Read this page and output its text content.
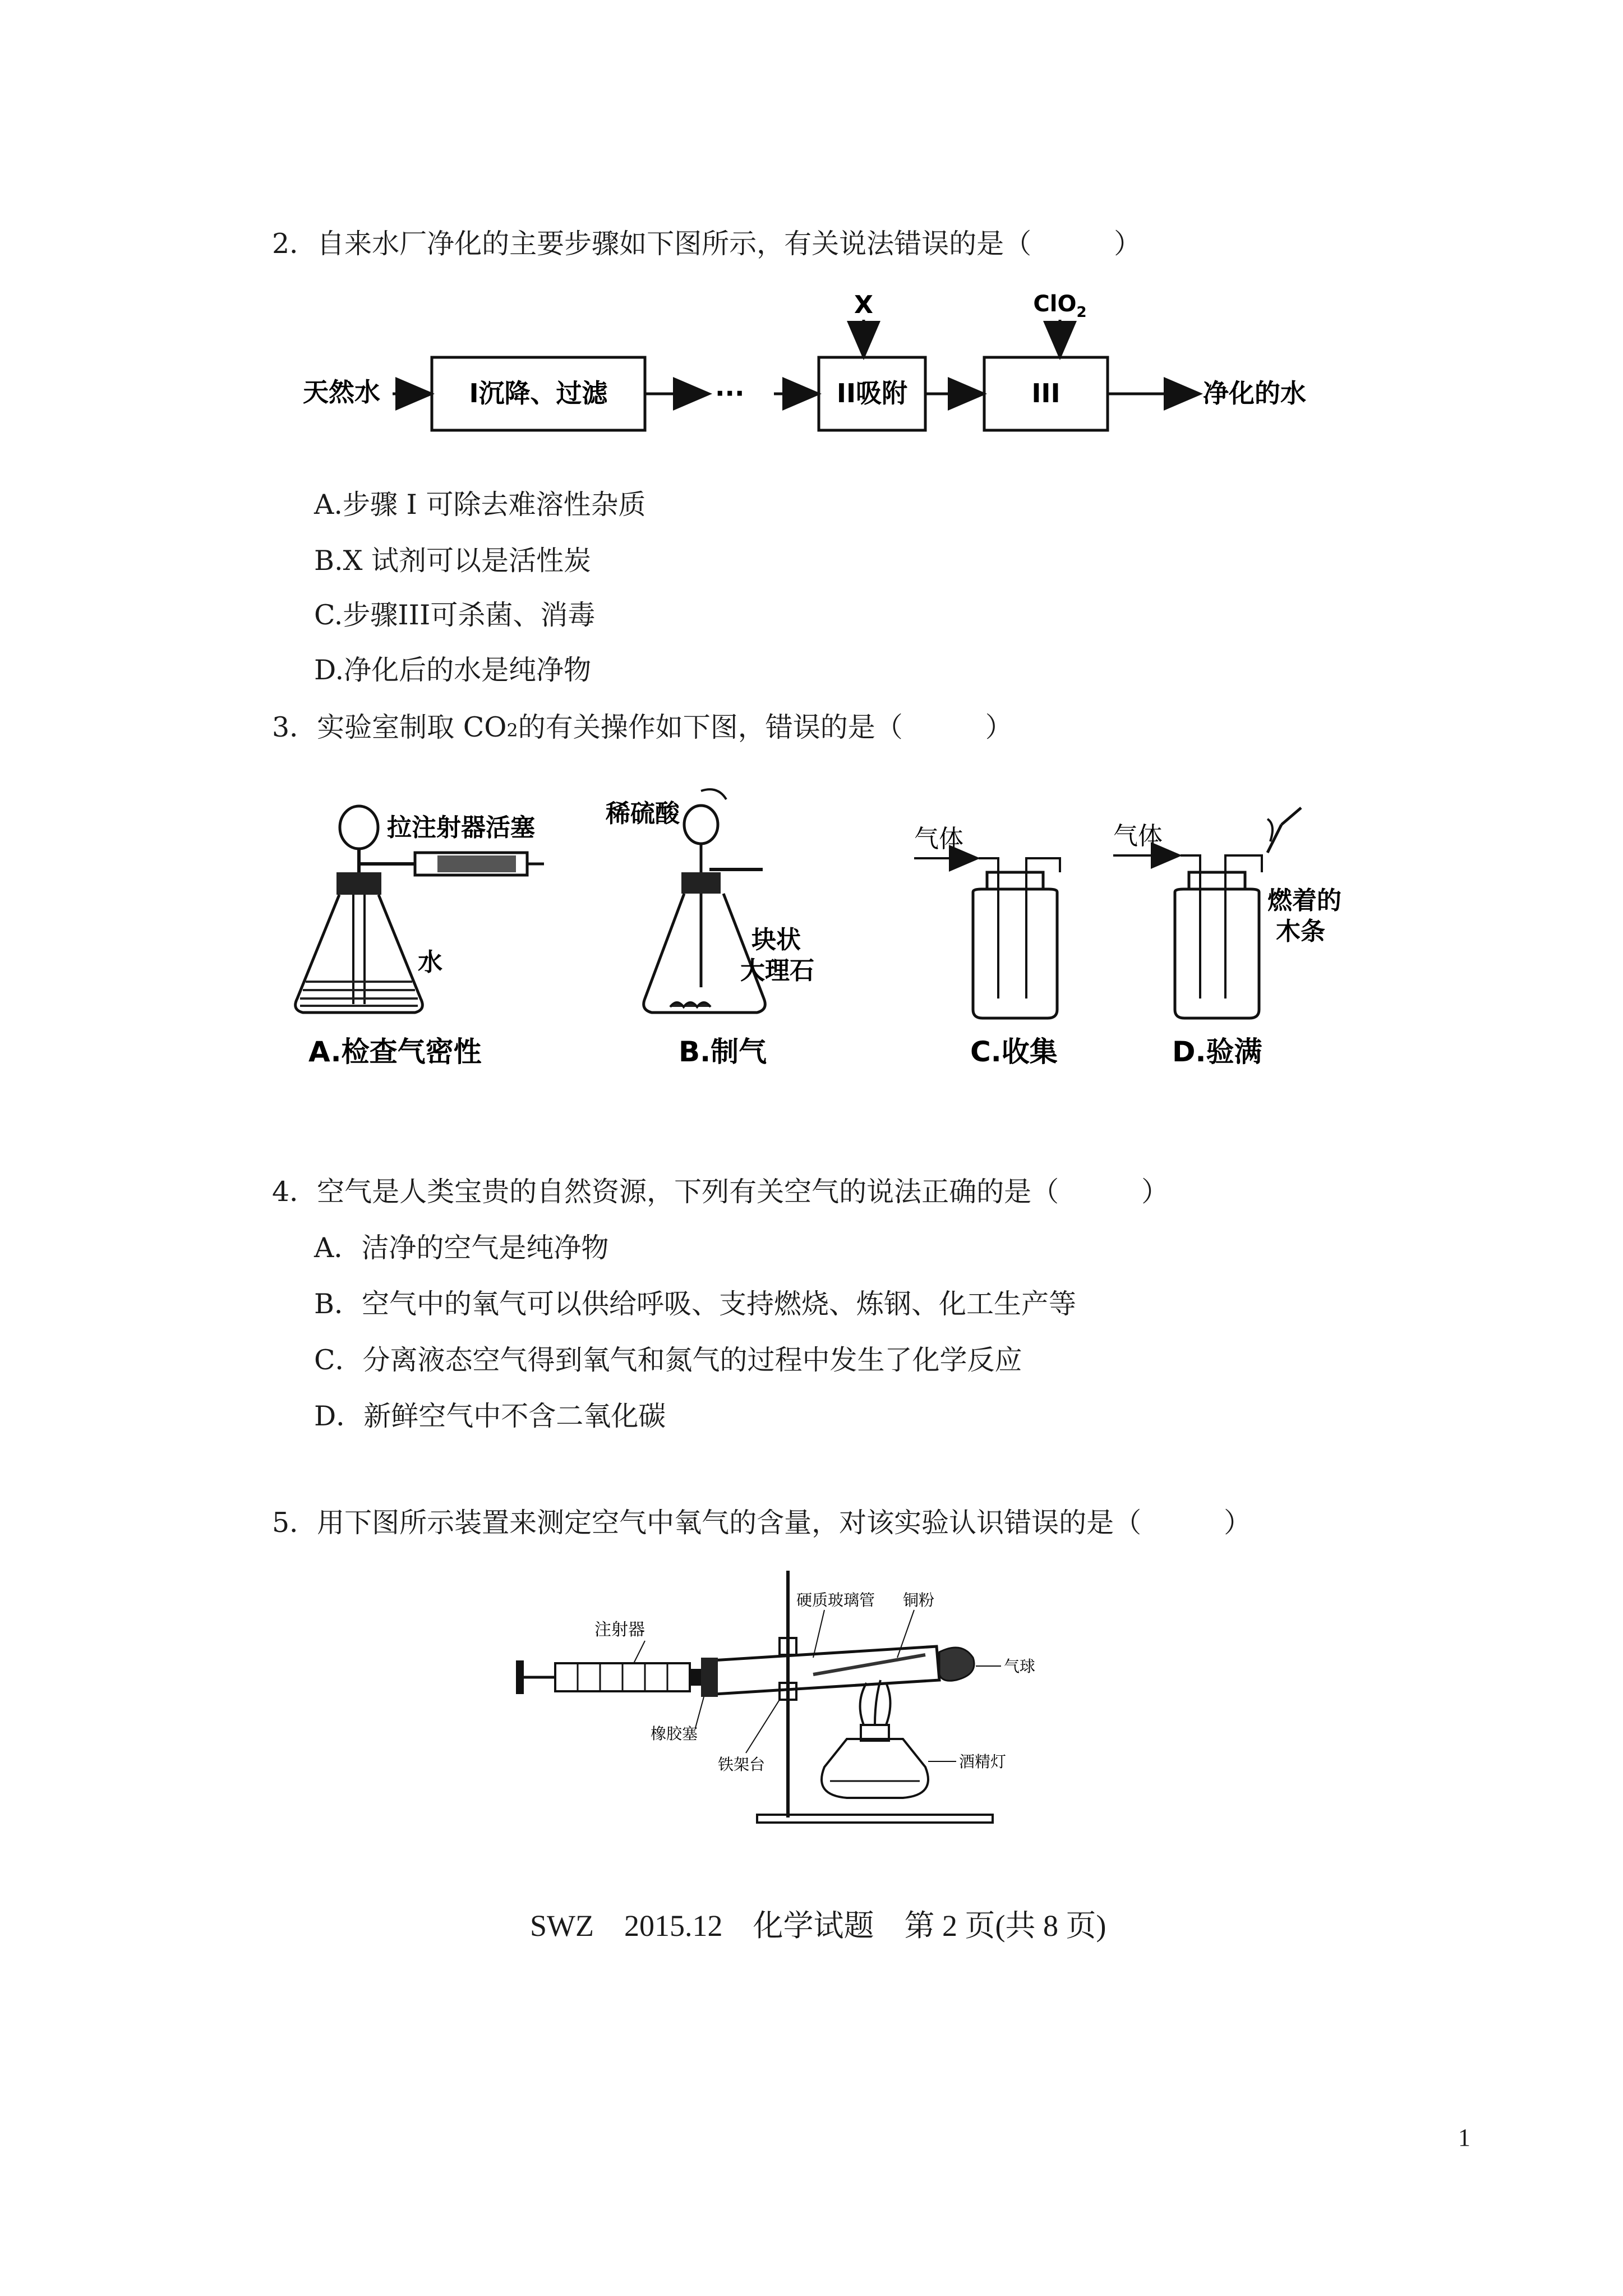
2．自来水厂净化的主要步骤如下图所示，有关说法错误的是（　　　）
天然水	I沉降、过滤	···
X
II吸附
ClO$_2$
III	净化的水
A.步骤 I 可除去难溶性杂质
B.X 试剂可以是活性炭
C.步骤III可杀菌、消毒
D.净化后的水是纯净物
3．实验室制取 CO2的有关操作如下图，错误的是（　　　）
拉注射器活塞
水
A.检查气密性
稀硫酸
块状
大理石
B.制气
气体
C.收集
气体
燃着的
木条
D.验满
4．空气是人类宝贵的自然资源，下列有关空气的说法正确的是（　　　）
A．洁净的空气是纯净物
B．空气中的氧气可以供给呼吸、支持燃烧、炼钢、化工生产等
C．分离液态空气得到氧气和氮气的过程中发生了化学反应
D．新鲜空气中不含二氧化碳
5．用下图所示装置来测定空气中氧气的含量，对该实验认识错误的是（　　　）
注射器
硬质玻璃管 铜粉
气球
橡胶塞
铁架台	酒精灯
SWZ　2015.12　化学试题　第 2 页(共 8 页)
1
